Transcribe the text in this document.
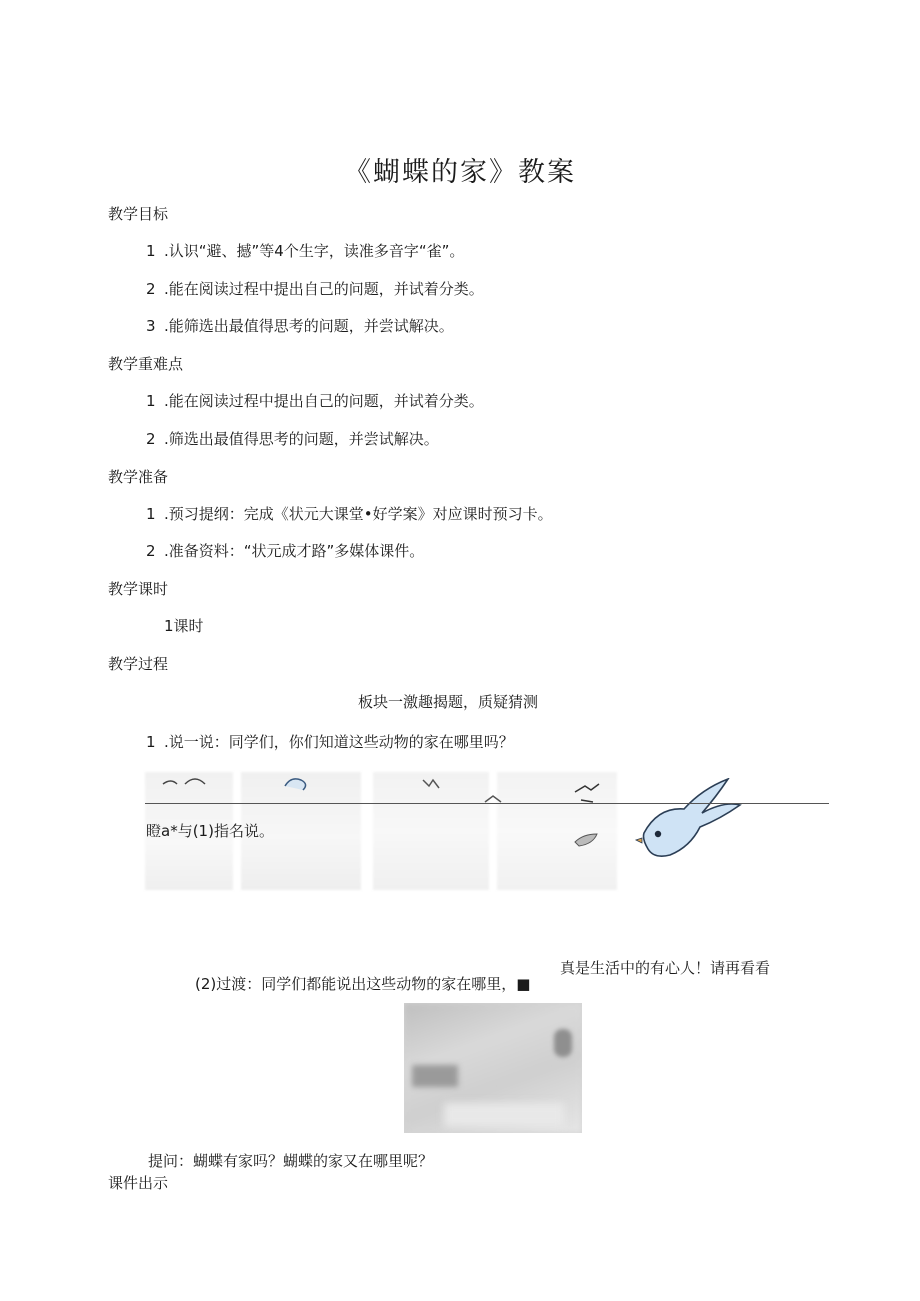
《蝴蝶的家》教案
教学目标
1 .认识“避、撼”等4个生字，读准多音字“雀”。
2 .能在阅读过程中提出自己的问题，并试着分类。
3 .能筛选出最值得思考的问题，并尝试解决。
教学重难点
1 .能在阅读过程中提出自己的问题，并试着分类。
2 .筛选出最值得思考的问题，并尝试解决。
教学准备
1 .预习提纲：完成《状元大课堂•好学案》对应课时预习卡。
2 .准备资料：“状元成才路”多媒体课件。
教学课时
1课时
教学过程
板块一激趣揭题，质疑猜测
1 .说一说：同学们，你们知道这些动物的家在哪里吗？
瞪a*与(1)指名说。
(2)过渡：同学们都能说出这些动物的家在哪里，■
真是生活中的有心人！请再看看
提问：蝴蝶有家吗？蝴蝶的家又在哪里呢？
课件出示
